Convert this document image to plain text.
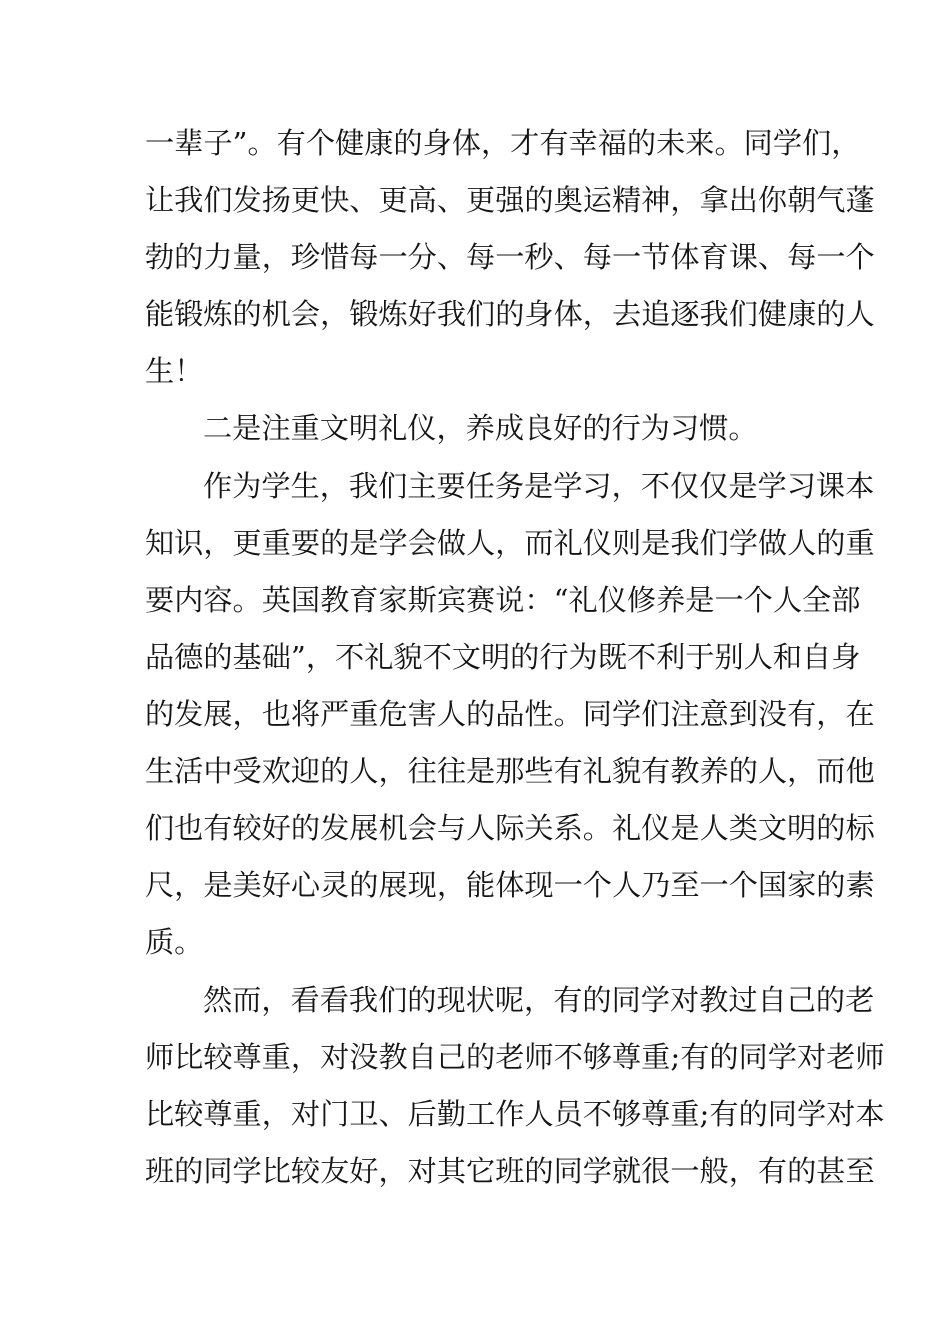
一辈子”。有个健康的身体，才有幸福的未来。同学们，
让我们发扬更快、更高、更强的奥运精神，拿出你朝气蓬
勃的力量，珍惜每一分、每一秒、每一节体育课、每一个
能锻炼的机会，锻炼好我们的身体，去追逐我们健康的人
生！
二是注重文明礼仪，养成良好的行为习惯。
作为学生，我们主要任务是学习，不仅仅是学习课本
知识，更重要的是学会做人，而礼仪则是我们学做人的重
要内容。英国教育家斯宾赛说：“礼仪修养是一个人全部
品德的基础”，不礼貌不文明的行为既不利于别人和自身
的发展，也将严重危害人的品性。同学们注意到没有，在
生活中受欢迎的人，往往是那些有礼貌有教养的人，而他
们也有较好的发展机会与人际关系。礼仪是人类文明的标
尺，是美好心灵的展现，能体现一个人乃至一个国家的素
质。
然而，看看我们的现状呢，有的同学对教过自己的老
师比较尊重，对没教自己的老师不够尊重;有的同学对老师
比较尊重，对门卫、后勤工作人员不够尊重;有的同学对本
班的同学比较友好，对其它班的同学就很一般，有的甚至
